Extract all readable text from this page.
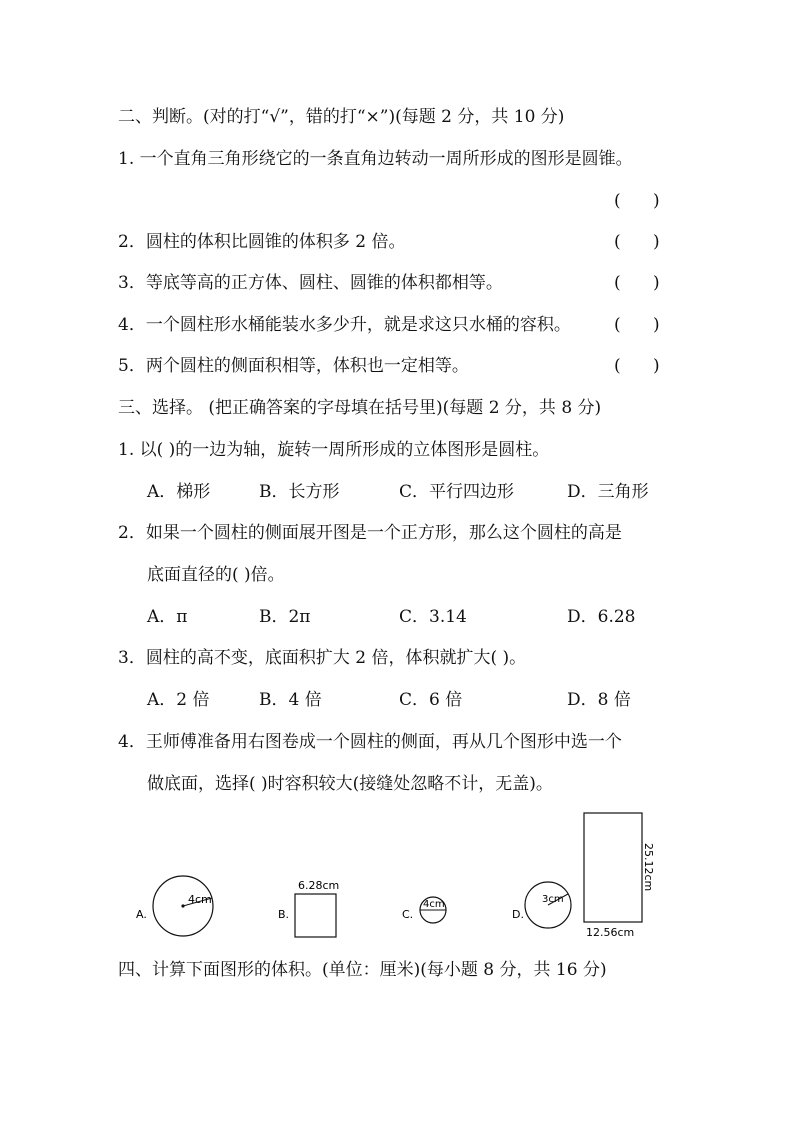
二、判断。(对的打“√”，错的打“×”)(每题 2 分，共 10 分)
1. 一个直角三角形绕它的一条直角边转动一周所形成的图形是圆锥。
(      )
2．圆柱的体积比圆锥的体积多 2 倍。	(      )
3．等底等高的正方体、圆柱、圆锥的体积都相等。	(      )
4．一个圆柱形水桶能装水多少升，就是求这只水桶的容积。	(      )
5．两个圆柱的侧面积相等，体积也一定相等。	(      )
三、选择。 (把正确答案的字母填在括号里)(每题 2 分，共 8 分)
1. 以( )的一边为轴，旋转一周所形成的立体图形是圆柱。
A．梯形	B．长方形	C．平行四边形	D．三角形
2．如果一个圆柱的侧面展开图是一个正方形，那么这个圆柱的高是
底面直径的( )倍。
A．π	B．2π	C．3.14	D．6.28
3．圆柱的高不变，底面积扩大 2 倍，体积就扩大( )。
A．2 倍	B．4 倍	C．6 倍	D．8 倍
4．王师傅准备用右图卷成一个圆柱的侧面，再从几个图形中选一个
做底面，选择( )时容积较大(接缝处忽略不计，无盖)。
A.
4cm
B.
6.28cm
C.
4cm
D.
3cm
25.12cm
12.56cm
四、计算下面图形的体积。(单位：厘米)(每小题 8 分，共 16 分)
